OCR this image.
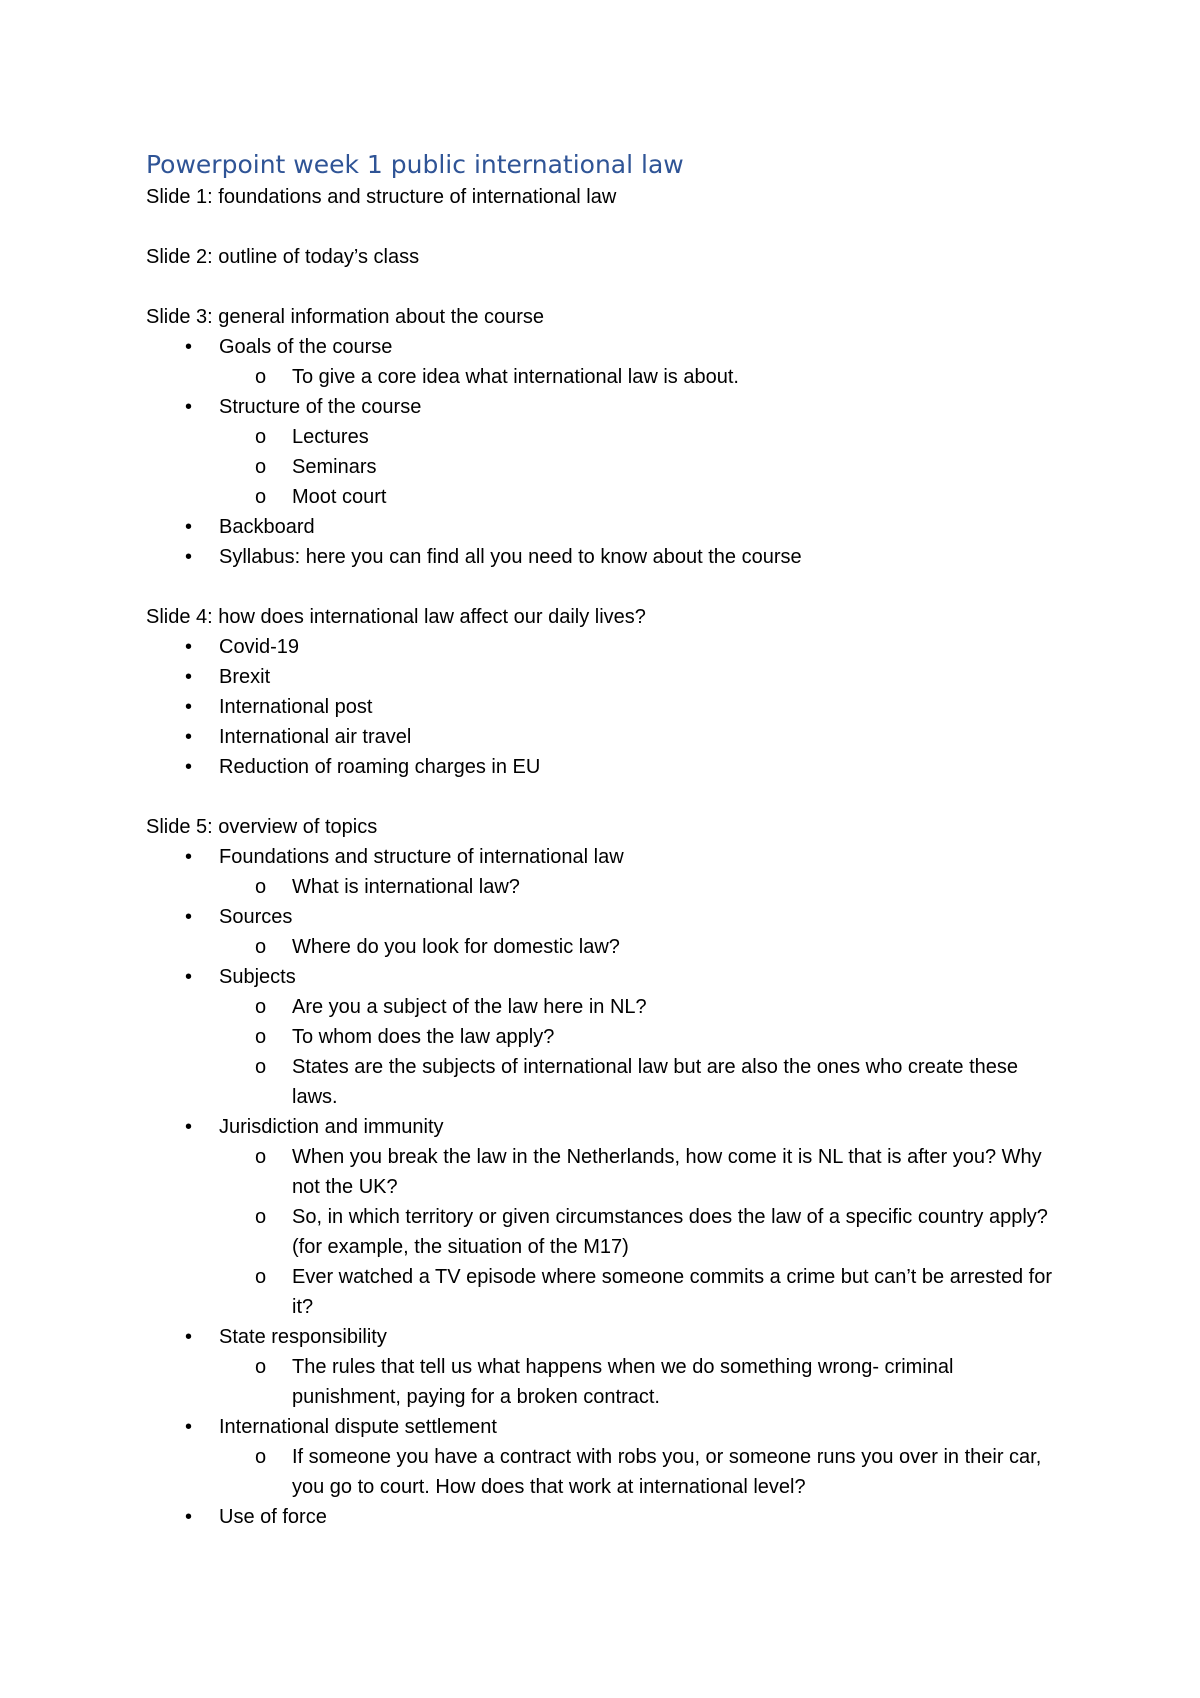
Powerpoint week 1 public international law

Slide 1: foundations and structure of international law

Slide 2: outline of today’s class

Slide 3: general information about the course

•	Goals of the course
o	To give a core idea what international law is about.
•	Structure of the course
o	Lectures
o	Seminars
o	Moot court
•	Backboard
•	Syllabus: here you can find all you need to know about the course

Slide 4: how does international law affect our daily lives?

•	Covid-19
•	Brexit
•	International post
•	International air travel
•	Reduction of roaming charges in EU

Slide 5: overview of topics

•	Foundations and structure of international law
o	What is international law?
•	Sources
o	Where do you look for domestic law?
•	Subjects
o	Are you a subject of the law here in NL?
o	To whom does the law apply?
o	States are the subjects of international law but are also the ones who create these laws.
•	Jurisdiction and immunity
o	When you break the law in the Netherlands, how come it is NL that is after you? Why not the UK?
o	So, in which territory or given circumstances does the law of a specific country apply? (for example, the situation of the M17)
o	Ever watched a TV episode where someone commits a crime but can’t be arrested for it?
•	State responsibility
o	The rules that tell us what happens when we do something wrong- criminal punishment, paying for a broken contract.
•	International dispute settlement
o	If someone you have a contract with robs you, or someone runs you over in their car, you go to court. How does that work at international level?
•	Use of force
